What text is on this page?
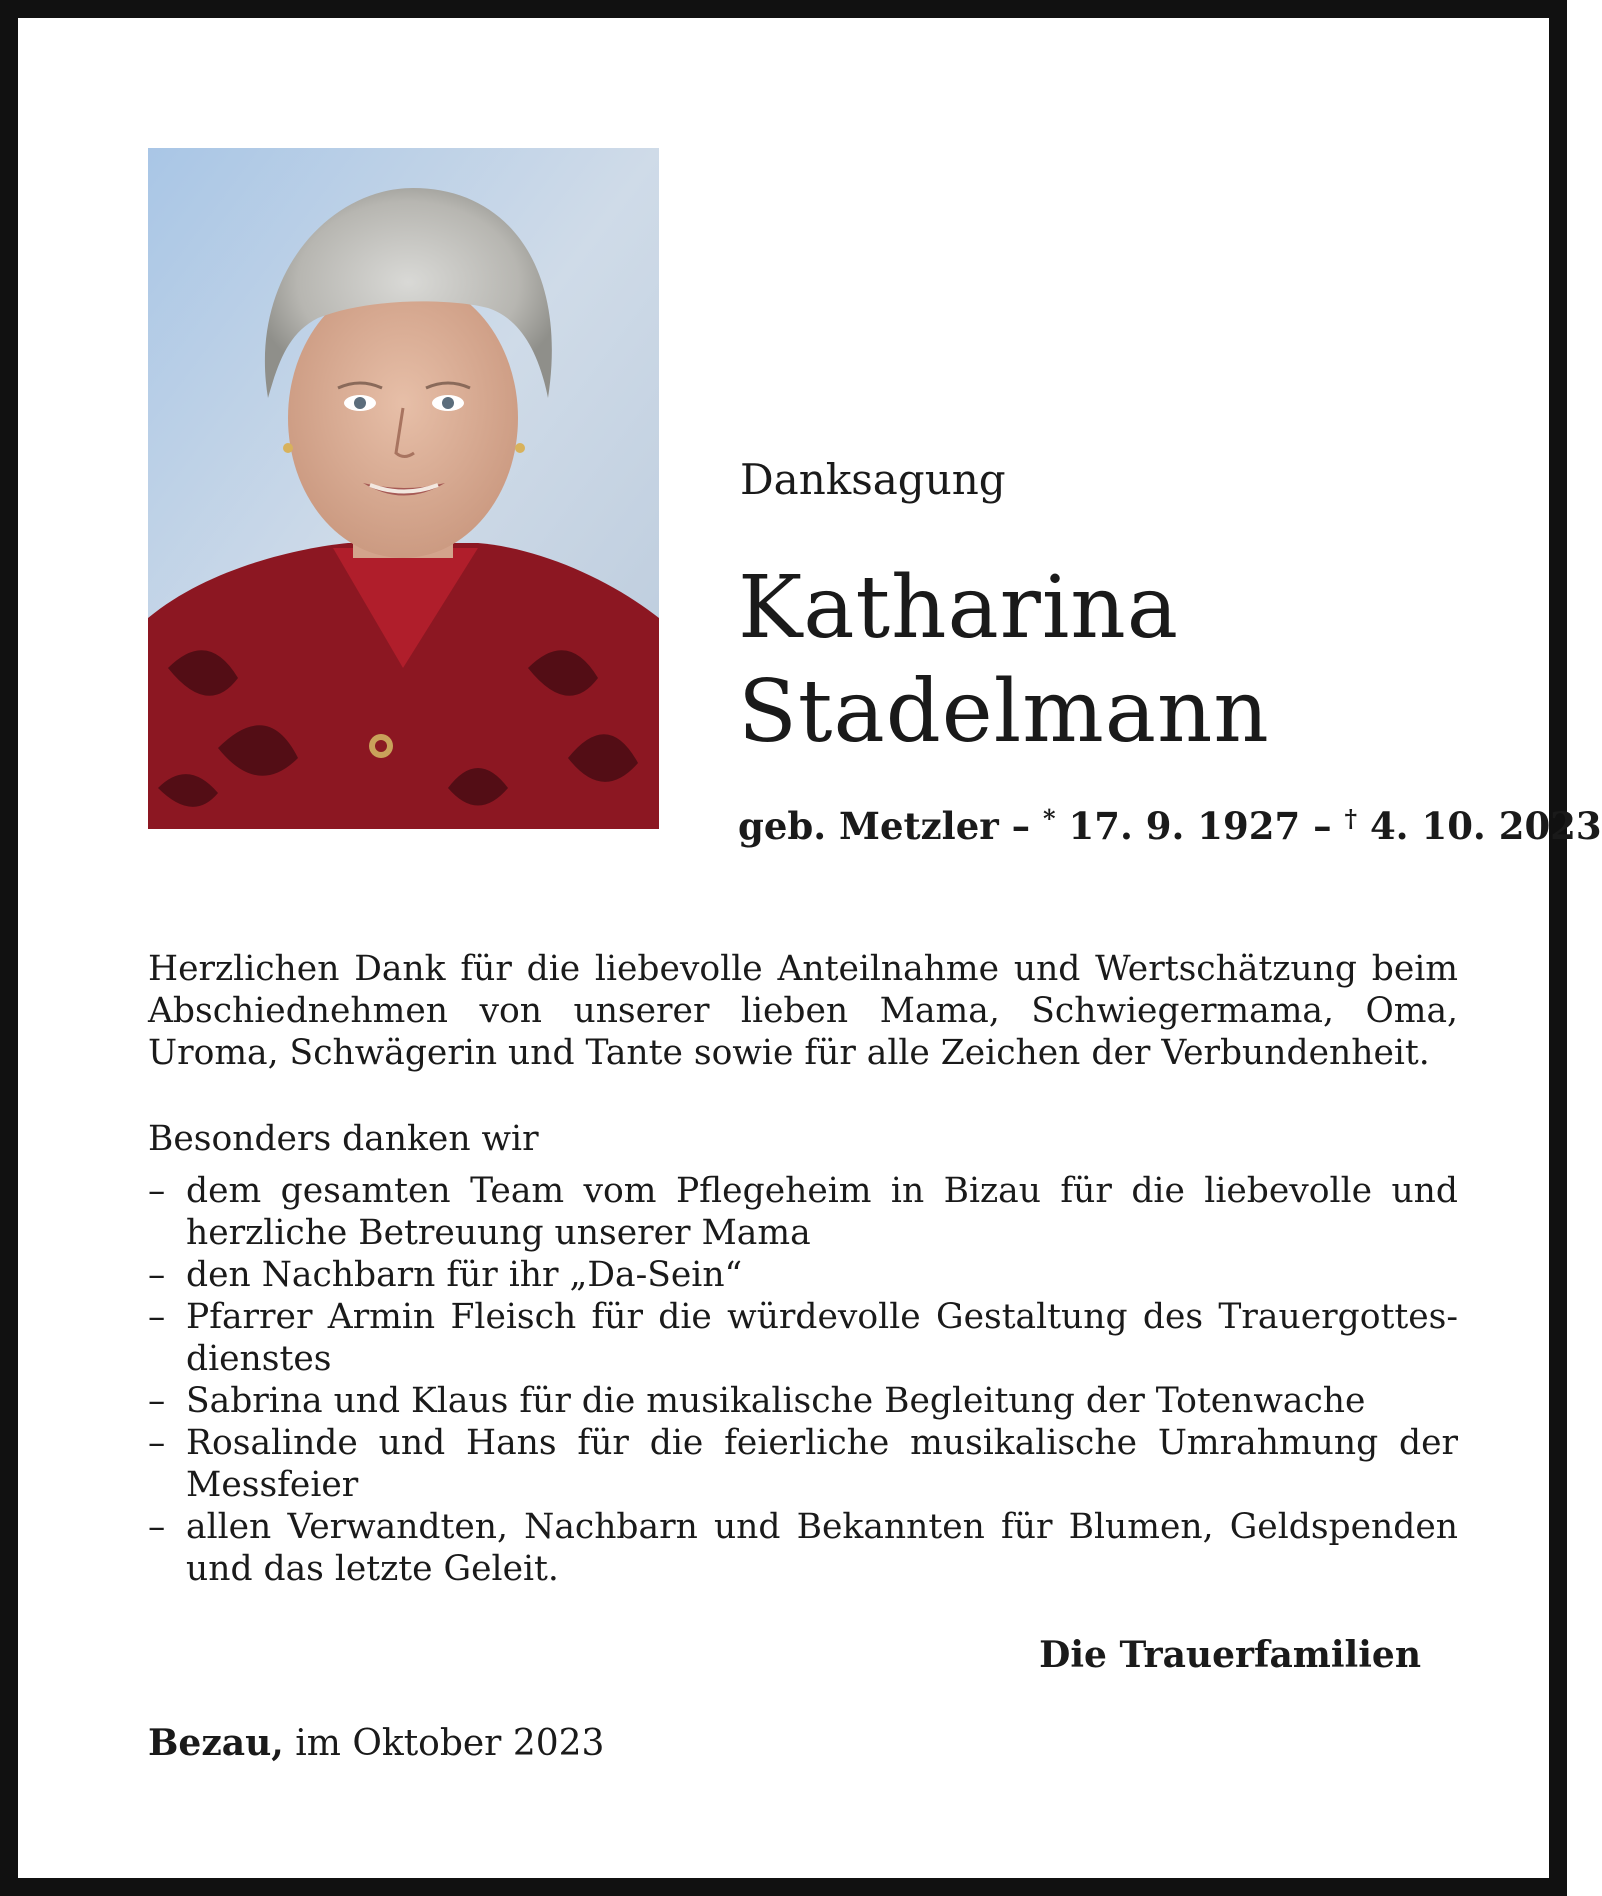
Danksagung
Katharina
Stadelmann
geb. Metzler – * 17. 9. 1927 – † 4. 10. 2023
Herzlichen Dank für die liebevolle Anteilnahme und Wertschätzung beim Abschiednehmen von unserer lieben Mama, Schwiegermama, Oma, Uroma, Schwägerin und Tante sowie für alle Zeichen der Verbundenheit.
Besonders danken wir
– dem gesamten Team vom Pflegeheim in Bizau für die liebevolle und herzliche Betreuung unserer Mama
– den Nachbarn für ihr „Da-Sein“
– Pfarrer Armin Fleisch für die würdevolle Gestaltung des Trauergottesdienstes
– Sabrina und Klaus für die musikalische Begleitung der Totenwache
– Rosalinde und Hans für die feierliche musikalische Umrahmung der Messfeier
– allen Verwandten, Nachbarn und Bekannten für Blumen, Geldspenden und das letzte Geleit.
Die Trauerfamilien
Bezau, im Oktober 2023
